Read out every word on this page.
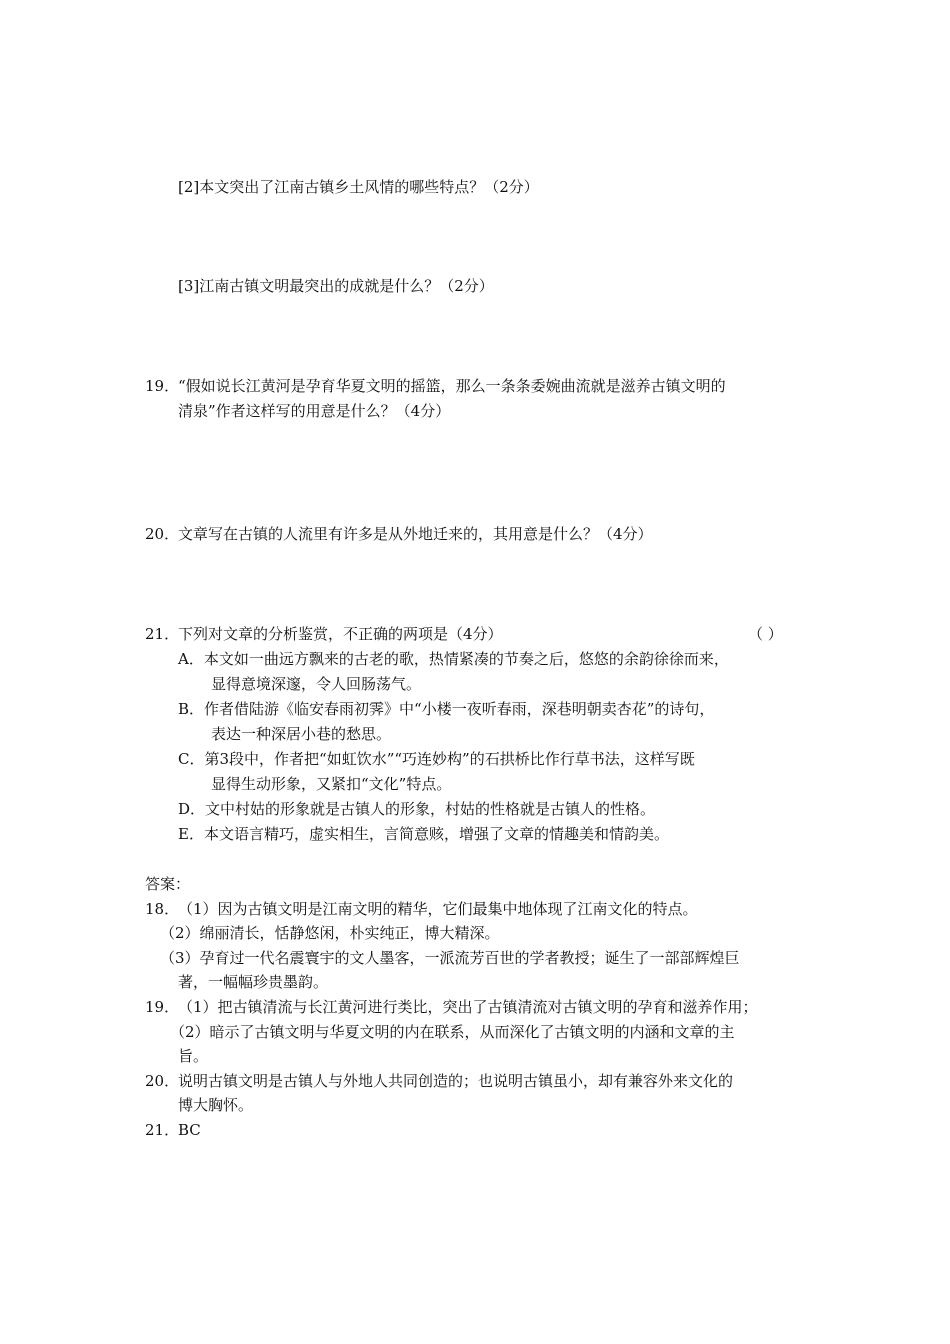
[2]本文突出了江南古镇乡土风情的哪些特点？（2分）
[3]江南古镇文明最突出的成就是什么？（2分）
19．
“假如说长江黄河是孕育华夏文明的摇篮，那么一条条委婉曲流就是滋养古镇文明的
清泉”作者这样写的用意是什么？（4分）
20．
文章写在古镇的人流里有许多是从外地迁来的，其用意是什么？（4分）
21．
下列对文章的分析鉴赏，不正确的两项是（4分）	（ ）
A．本文如一曲远方飘来的古老的歌，热情紧凑的节奏之后，悠悠的余韵徐徐而来，
显得意境深邃，令人回肠荡气。
B．作者借陆游《临安春雨初霁》中“小楼一夜听春雨，深巷明朝卖杏花”的诗句，
表达一种深居小巷的愁思。
C．第3段中，作者把“如虹饮水”“巧连妙构”的石拱桥比作行草书法，这样写既
显得生动形象，又紧扣“文化”特点。
D．文中村姑的形象就是古镇人的形象，村姑的性格就是古镇人的性格。
E．本文语言精巧，虚实相生，言简意赅，增强了文章的情趣美和情韵美。
答案：
18．
（1）因为古镇文明是江南文明的精华，它们最集中地体现了江南文化的特点。
（2）绵丽清长，恬静悠闲，朴实纯正，博大精深。
（3）孕育过一代名震寰宇的文人墨客，一派流芳百世的学者教授；诞生了一部部辉煌巨
著，一幅幅珍贵墨韵。
19．
（1）把古镇清流与长江黄河进行类比，突出了古镇清流对古镇文明的孕育和滋养作用；
（2）暗示了古镇文明与华夏文明的内在联系，从而深化了古镇文明的内涵和文章的主
旨。
20．
说明古镇文明是古镇人与外地人共同创造的；也说明古镇虽小，却有兼容外来文化的
博大胸怀。
21．
BC
